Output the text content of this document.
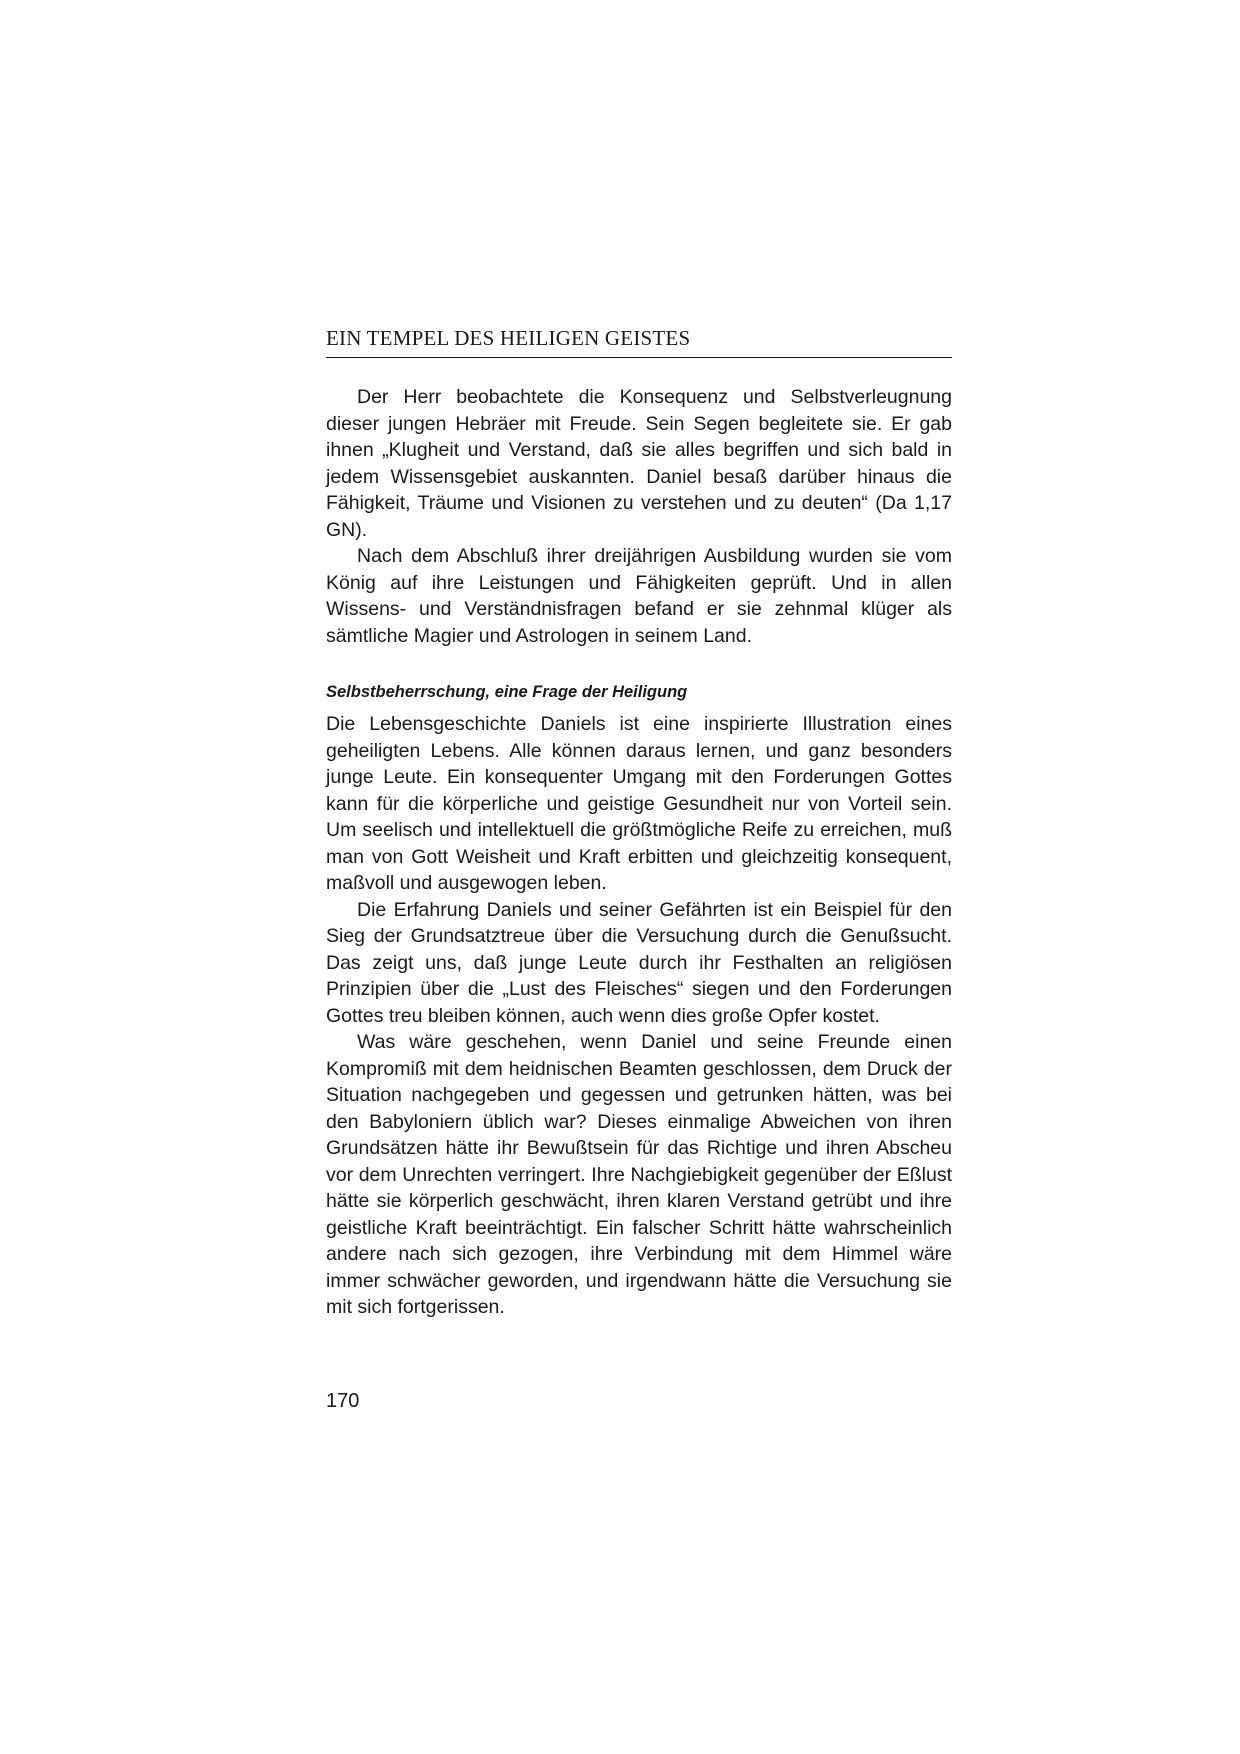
EIN TEMPEL DES HEILIGEN GEISTES

Der Herr beobachtete die Konsequenz und Selbstverleugnung dieser jungen Hebräer mit Freude. Sein Segen begleitete sie. Er gab ihnen „Klugheit und Verstand, daß sie alles begriffen und sich bald in jedem Wissensgebiet auskannten. Daniel besaß darüber hinaus die Fähigkeit, Träume und Visionen zu verstehen und zu deuten“ (Da 1,17 GN).

Nach dem Abschluß ihrer dreijährigen Ausbildung wurden sie vom König auf ihre Leistungen und Fähigkeiten geprüft. Und in allen Wissens- und Verständnisfragen befand er sie zehnmal klüger als sämtliche Magier und Astrologen in seinem Land.

Selbstbeherrschung, eine Frage der Heiligung

Die Lebensgeschichte Daniels ist eine inspirierte Illustration eines geheiligten Lebens. Alle können daraus lernen, und ganz besonders junge Leute. Ein konsequenter Umgang mit den Forderungen Gottes kann für die körperliche und geistige Gesundheit nur von Vorteil sein. Um seelisch und intellektuell die größtmögliche Reife zu erreichen, muß man von Gott Weisheit und Kraft erbitten und gleichzeitig konsequent, maßvoll und ausgewogen leben.

Die Erfahrung Daniels und seiner Gefährten ist ein Beispiel für den Sieg der Grundsatztreue über die Versuchung durch die Genußsucht. Das zeigt uns, daß junge Leute durch ihr Festhalten an religiösen Prinzipien über die „Lust des Fleisches“ siegen und den Forderungen Gottes treu bleiben können, auch wenn dies große Opfer kostet.

Was wäre geschehen, wenn Daniel und seine Freunde einen Kompromiß mit dem heidnischen Beamten geschlossen, dem Druck der Situation nachgegeben und gegessen und getrunken hätten, was bei den Babyloniern üblich war? Dieses einmalige Abweichen von ihren Grundsätzen hätte ihr Bewußtsein für das Richtige und ihren Abscheu vor dem Unrechten verringert. Ihre Nachgiebigkeit gegenüber der Eßlust hätte sie körperlich geschwächt, ihren klaren Verstand getrübt und ihre geistliche Kraft beeinträchtigt. Ein falscher Schritt hätte wahrscheinlich andere nach sich gezogen, ihre Verbindung mit dem Himmel wäre immer schwächer geworden, und irgendwann hätte die Versuchung sie mit sich fortgerissen.

170
